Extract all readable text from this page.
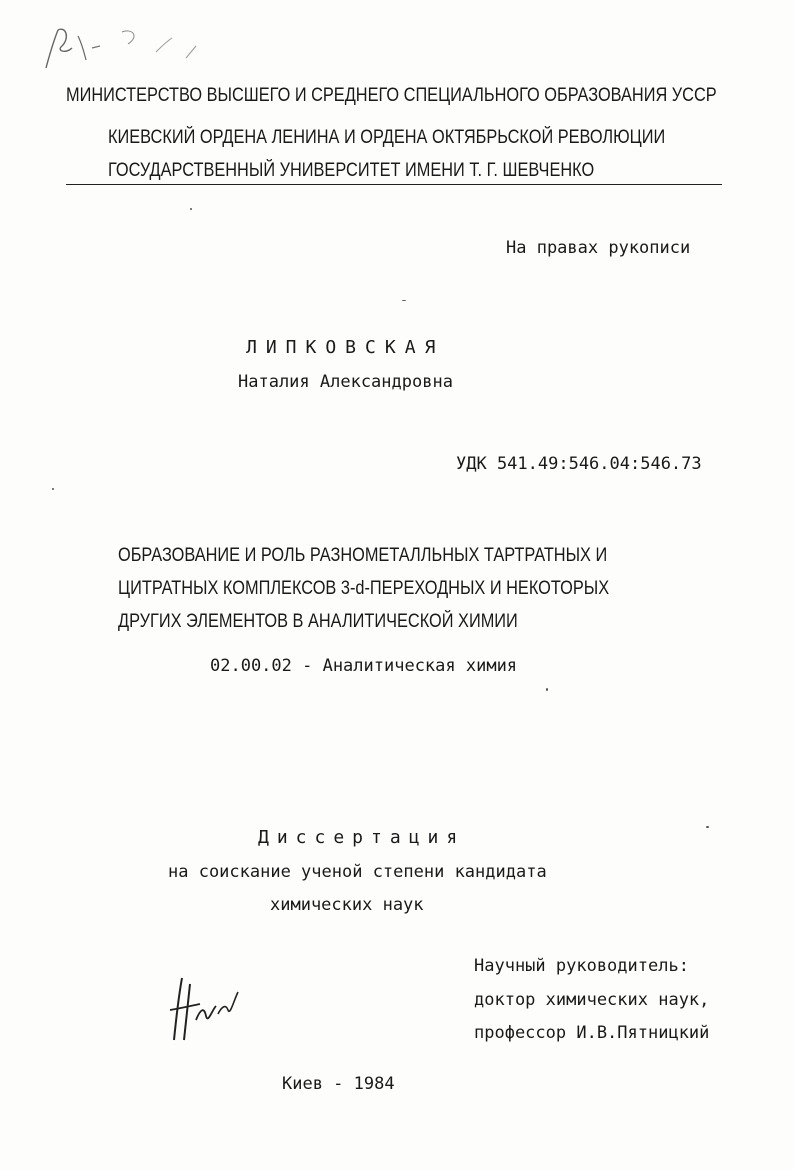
МИНИСТЕРСТВО ВЫСШЕГО И СРЕДНЕГО СПЕЦИАЛЬНОГО ОБРАЗОВАНИЯ УССР
КИЕВСКИЙ ОРДЕНА ЛЕНИНА И ОРДЕНА ОКТЯБРЬСКОЙ РЕВОЛЮЦИИ
ГОСУДАРСТВЕННЫЙ УНИВЕРСИТЕТ ИМЕНИ Т. Г. ШЕВЧЕНКО
На правах рукописи
ЛИПКОВСКАЯ
Наталия Александровна
УДК 541.49:546.04:546.73
ОБРАЗОВАНИЕ И РОЛЬ РАЗНОМЕТАЛЛЬНЫХ ТАРТРАТНЫХ И
ЦИТРАТНЫХ КОМПЛЕКСОВ 3-d-ПЕРЕХОДНЫХ И НЕКОТОРЫХ
ДРУГИХ ЭЛЕМЕНТОВ В АНАЛИТИЧЕСКОЙ ХИМИИ
02.00.02 - Аналитическая химия
Диссертация
на соискание ученой степени кандидата
химических наук
Научный руководитель:
доктор химических наук,
профессор И.В.Пятницкий
Киев - 1984
